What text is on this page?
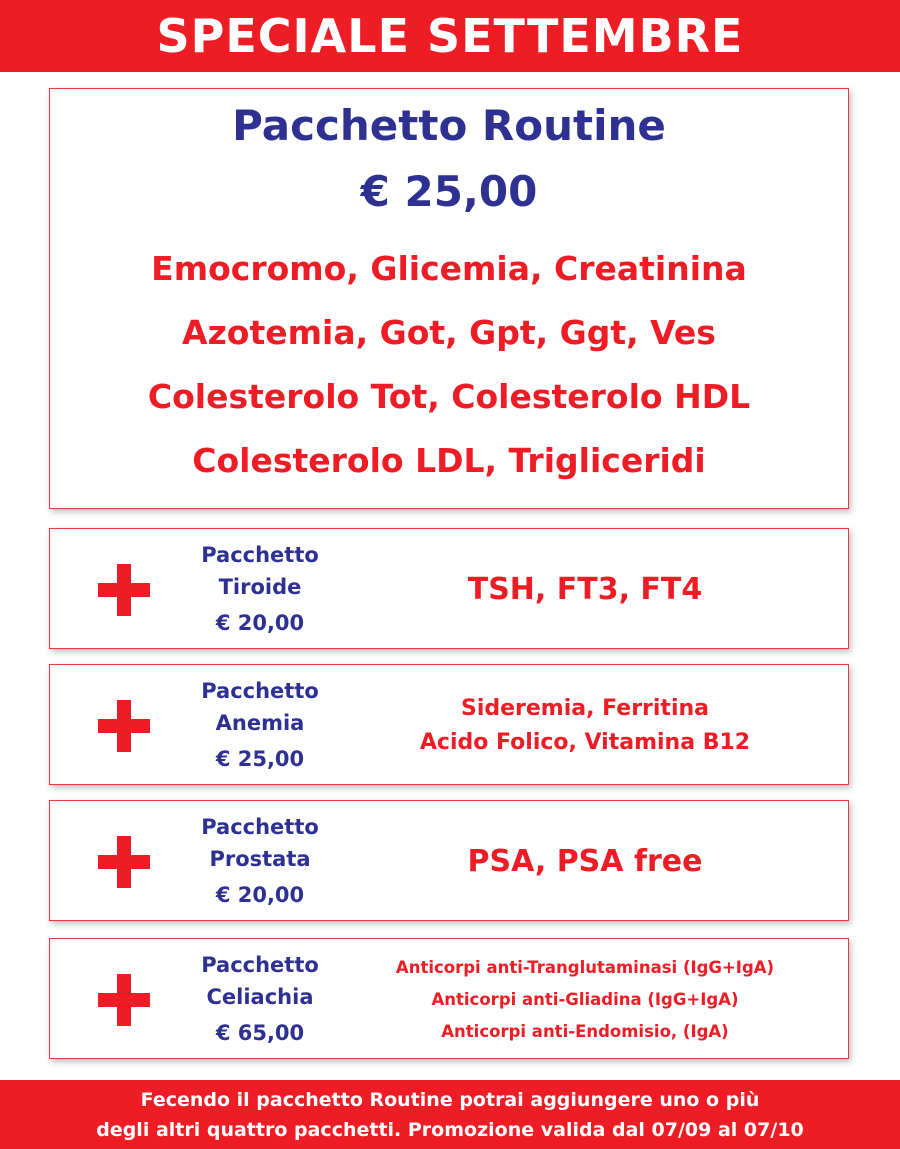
SPECIALE SETTEMBRE
Pacchetto Routine
€ 25,00
Emocromo, Glicemia, Creatinina
Azotemia, Got, Gpt, Ggt, Ves
Colesterolo Tot, Colesterolo HDL
Colesterolo LDL, Trigliceridi
Pacchetto
Tiroide
€ 20,00
TSH, FT3, FT4
Pacchetto
Anemia
€ 25,00
Sideremia, Ferritina
Acido Folico, Vitamina B12
Pacchetto
Prostata
€ 20,00
PSA, PSA free
Pacchetto
Celiachia
€ 65,00
Anticorpi anti-Tranglutaminasi (IgG+IgA)
Anticorpi anti-Gliadina (IgG+IgA)
Anticorpi anti-Endomisio, (IgA)
Fecendo il pacchetto Routine potrai aggiungere uno o più
degli altri quattro pacchetti. Promozione valida dal 07/09 al 07/10
